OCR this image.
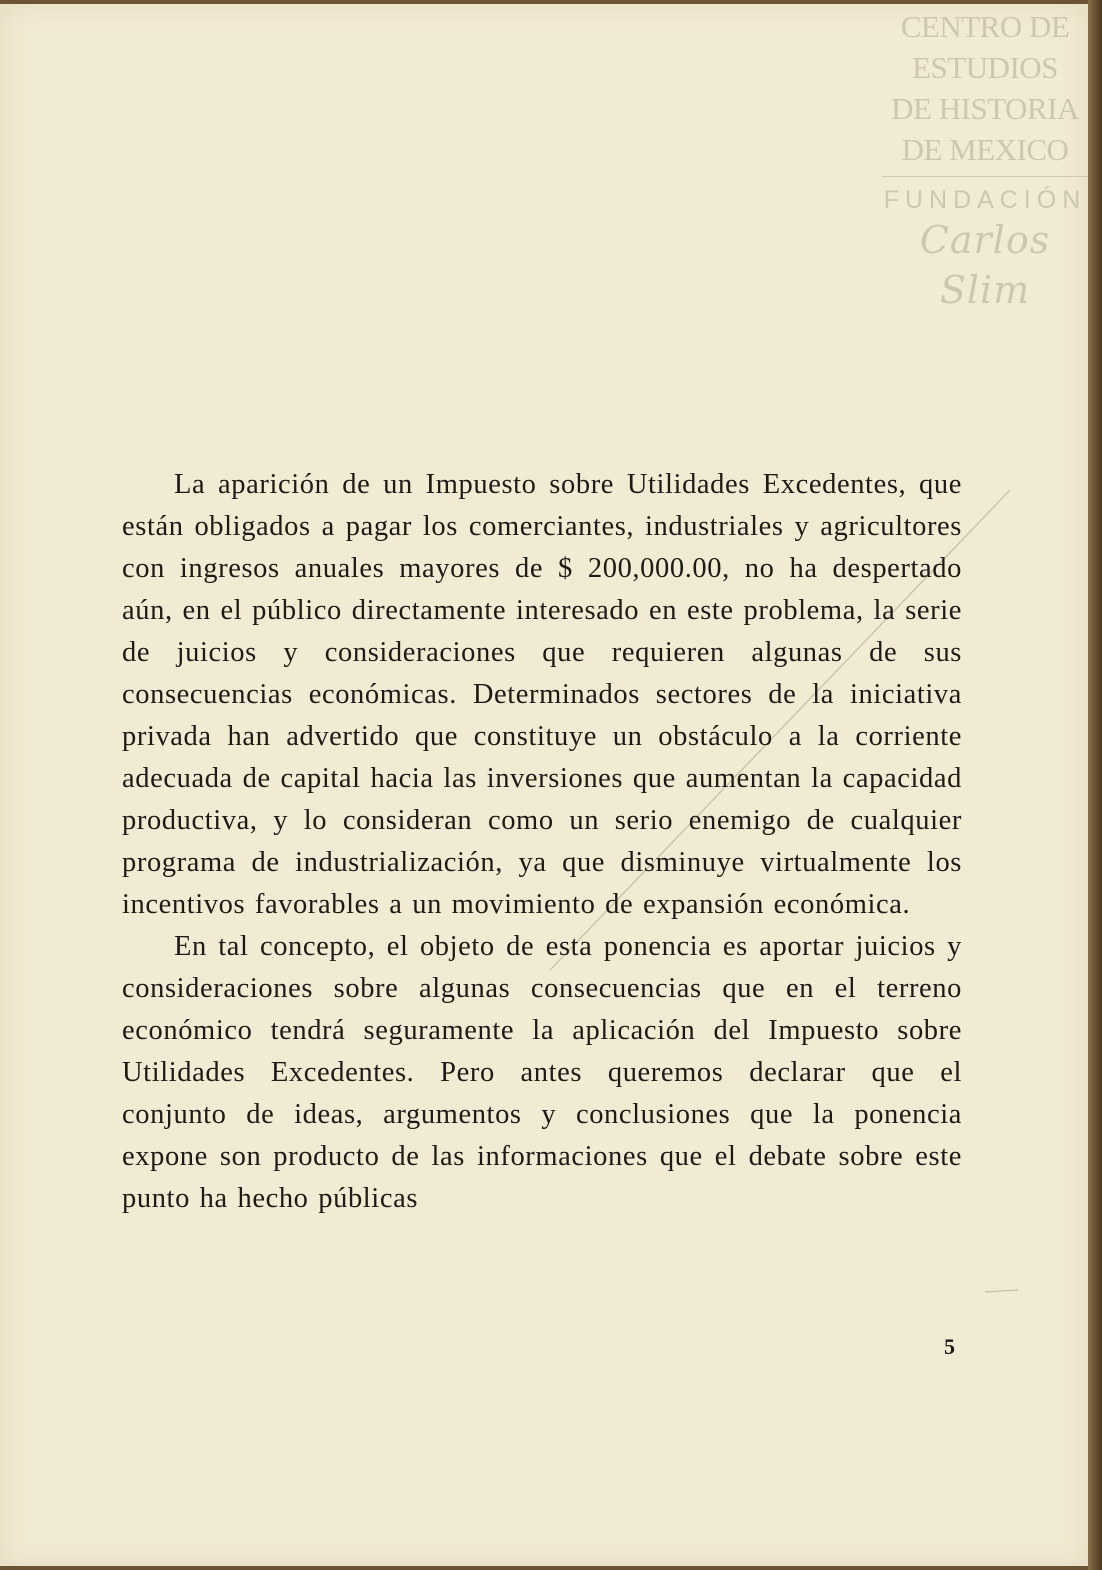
CENTRO DE
ESTUDIOS
DE HISTORIA
DE MEXICO
FUNDACIÓN
Carlos Slim

La aparición de un Impuesto sobre Utilidades Excedentes, que están obligados a pagar los comerciantes, industriales y agricultores con ingresos anuales mayores de $ 200,000.00, no ha despertado aún, en el público directamente interesado en este problema, la serie de juicios y consideraciones que requieren algunas de sus consecuencias económicas. Determinados sectores de la iniciativa privada han advertido que constituye un obstáculo a la corriente adecuada de capital hacia las inversiones que aumentan la capacidad productiva, y lo consideran como un serio enemigo de cualquier programa de industrialización, ya que disminuye virtualmente los incentivos favorables a un movimiento de expansión económica.

En tal concepto, el objeto de esta ponencia es aportar juicios y consideraciones sobre algunas consecuencias que en el terreno económico tendrá seguramente la aplicación del Impuesto sobre Utilidades Excedentes. Pero antes queremos declarar que el conjunto de ideas, argumentos y conclusiones que la ponencia expone son producto de las informaciones que el debate sobre este punto ha hecho públicas

5
